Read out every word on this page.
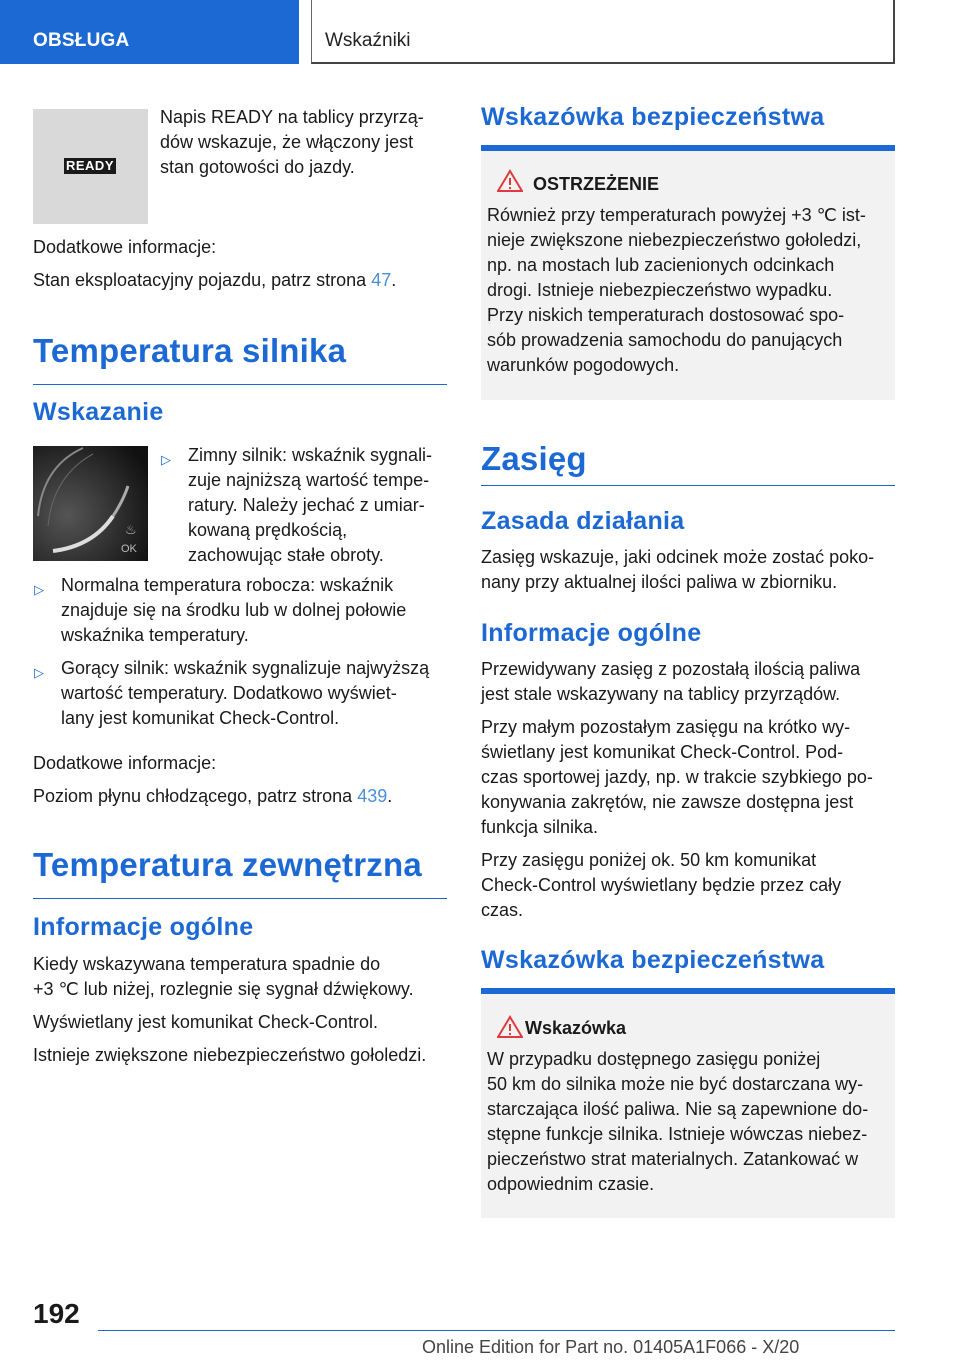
OBSŁUGA	Wskaźniki
READY

Napis READY na tablicy przyrzą-

dów wskazuje, że włączony jest

stan gotowości do jazdy.

Dodatkowe informacje:

Stan eksploatacyjny pojazdu, patrz strona 47.

Temperatura silnika

Wskazanie

OK
♨
▷ Zimny silnik: wskaźnik sygnali-

zuje najniższą wartość tempe-

ratury. Należy jechać z umiar-

kowaną prędkością,

zachowując stałe obroty.

▷ Normalna temperatura robocza: wskaźnik

znajduje się na środku lub w dolnej połowie

wskaźnika temperatury.

▷ Gorący silnik: wskaźnik sygnalizuje najwyższą

wartość temperatury. Dodatkowo wyświet-

lany jest komunikat Check-Control.

Dodatkowe informacje:

Poziom płynu chłodzącego, patrz strona 439.

Temperatura zewnętrzna

Informacje ogólne

Kiedy wskazywana temperatura spadnie do

+3 ℃ lub niżej, rozlegnie się sygnał dźwiękowy.

Wyświetlany jest komunikat Check-Control.

Istnieje zwiększone niebezpieczeństwo gołoledzi.

Wskazówka bezpieczeństwa

OSTRZEŻENIE

Również przy temperaturach powyżej +3 ℃ ist-

nieje zwiększone niebezpieczeństwo gołoledzi,

np. na mostach lub zacienionych odcinkach

drogi. Istnieje niebezpieczeństwo wypadku.

Przy niskich temperaturach dostosować spo-

sób prowadzenia samochodu do panujących

warunków pogodowych.

Zasięg

Zasada działania

Zasięg wskazuje, jaki odcinek może zostać poko-

nany przy aktualnej ilości paliwa w zbiorniku.

Informacje ogólne

Przewidywany zasięg z pozostałą ilością paliwa

jest stale wskazywany na tablicy przyrządów.

Przy małym pozostałym zasięgu na krótko wy-

świetlany jest komunikat Check-Control. Pod-

czas sportowej jazdy, np. w trakcie szybkiego po-

konywania zakrętów, nie zawsze dostępna jest

funkcja silnika.

Przy zasięgu poniżej ok. 50 km komunikat

Check-Control wyświetlany będzie przez cały

czas.

Wskazówka bezpieczeństwa

Wskazówka

W przypadku dostępnego zasięgu poniżej

50 km do silnika może nie być dostarczana wy-

starczająca ilość paliwa. Nie są zapewnione do-

stępne funkcje silnika. Istnieje wówczas niebez-

pieczeństwo strat materialnych. Zatankować w

odpowiednim czasie.

192
Online Edition for Part no. 01405A1F066 - X/20
